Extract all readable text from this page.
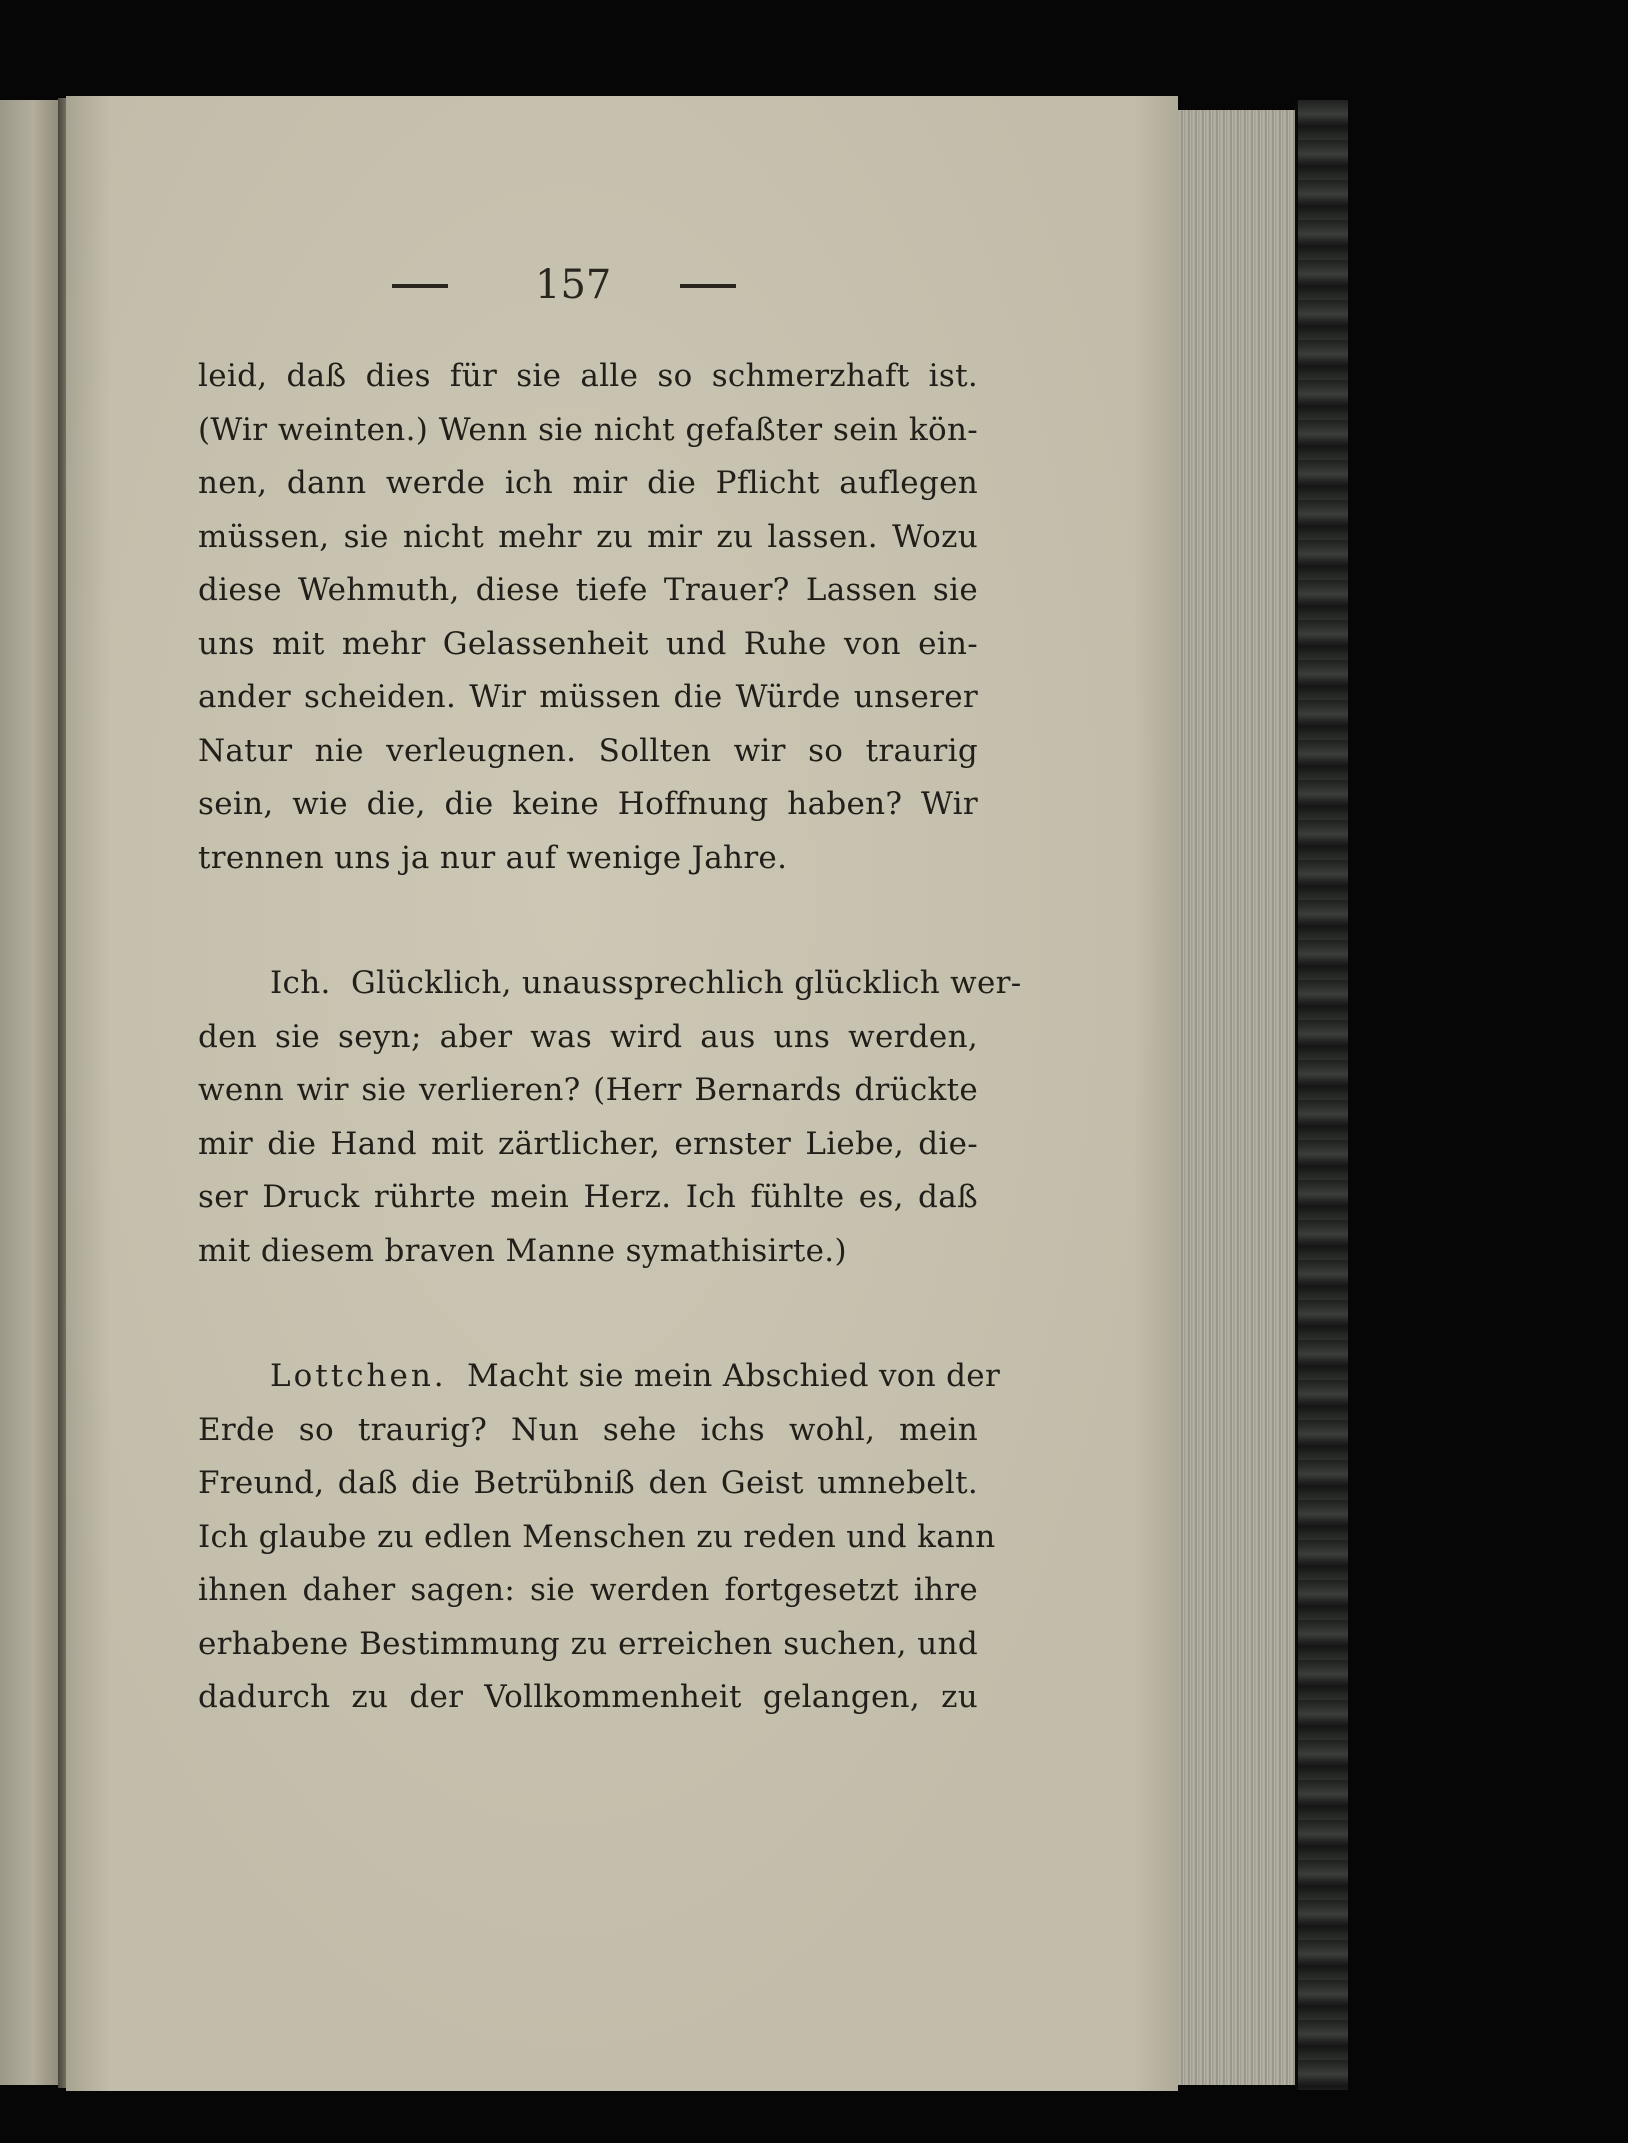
157
leid, daß dies für sie alle so schmerzhaft ist.
(Wir weinten.) Wenn sie nicht gefaßter sein kön-
nen, dann werde ich mir die Pflicht auflegen
müssen, sie nicht mehr zu mir zu lassen. Wozu
diese Wehmuth, diese tiefe Trauer? Lassen sie
uns mit mehr Gelassenheit und Ruhe von ein-
ander scheiden. Wir müssen die Würde unserer
Natur nie verleugnen. Sollten wir so traurig
sein, wie die, die keine Hoffnung haben? Wir
trennen uns ja nur auf wenige Jahre.
Ich. Glücklich, unaussprechlich glücklich wer-
den sie seyn; aber was wird aus uns werden,
wenn wir sie verlieren? (Herr Bernards drückte
mir die Hand mit zärtlicher, ernster Liebe, die-
ser Druck rührte mein Herz. Ich fühlte es, daß
mit diesem braven Manne symathisirte.)
Lottchen. Macht sie mein Abschied von der
Erde so traurig? Nun sehe ichs wohl, mein
Freund, daß die Betrübniß den Geist umnebelt.
Ich glaube zu edlen Menschen zu reden und kann
ihnen daher sagen: sie werden fortgesetzt ihre
erhabene Bestimmung zu erreichen suchen, und
dadurch zu der Vollkommenheit gelangen, zu
